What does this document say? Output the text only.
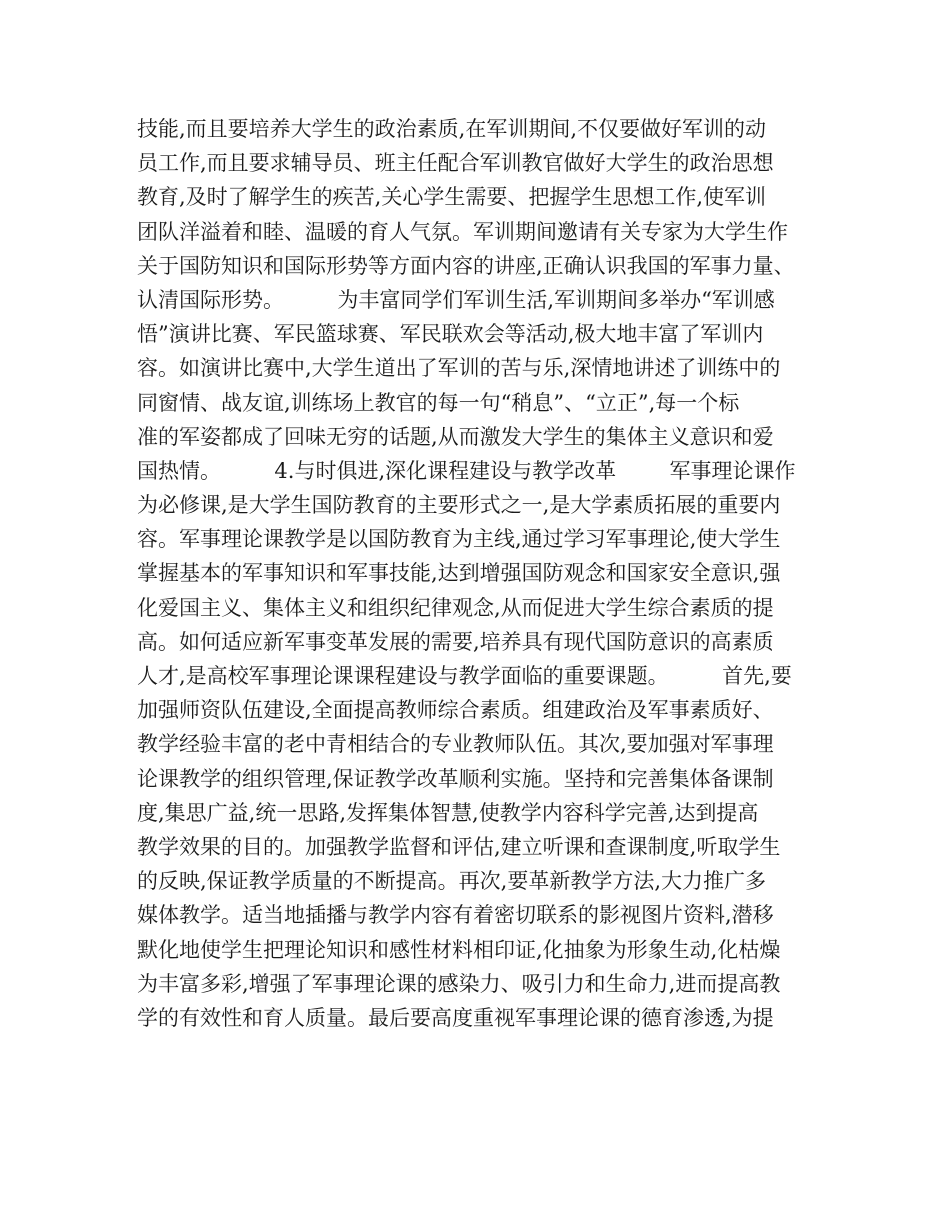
技能,而且要培养大学生的政治素质,在军训期间,不仅要做好军训的动
员工作,而且要求辅导员、班主任配合军训教官做好大学生的政治思想
教育,及时了解学生的疾苦,关心学生需要、把握学生思想工作,使军训
团队洋溢着和睦、温暖的育人气氛。军训期间邀请有关专家为大学生作
关于国防知识和国际形势等方面内容的讲座,正确认识我国的军事力量、
认清国际形势。        为丰富同学们军训生活,军训期间多举办“军训感
悟”演讲比赛、军民篮球赛、军民联欢会等活动,极大地丰富了军训内
容。如演讲比赛中,大学生道出了军训的苦与乐,深情地讲述了训练中的
同窗情、战友谊,训练场上教官的每一句“稍息”、“立正”,每一个标
准的军姿都成了回味无穷的话题,从而激发大学生的集体主义意识和爱
国热情。        4.与时俱进,深化课程建设与教学改革        军事理论课作
为必修课,是大学生国防教育的主要形式之一,是大学素质拓展的重要内
容。军事理论课教学是以国防教育为主线,通过学习军事理论,使大学生
掌握基本的军事知识和军事技能,达到增强国防观念和国家安全意识,强
化爱国主义、集体主义和组织纪律观念,从而促进大学生综合素质的提
高。如何适应新军事变革发展的需要,培养具有现代国防意识的高素质
人才,是高校军事理论课课程建设与教学面临的重要课题。        首先,要
加强师资队伍建设,全面提高教师综合素质。组建政治及军事素质好、
教学经验丰富的老中青相结合的专业教师队伍。其次,要加强对军事理
论课教学的组织管理,保证教学改革顺利实施。坚持和完善集体备课制
度,集思广益,统一思路,发挥集体智慧,使教学内容科学完善,达到提高
教学效果的目的。加强教学监督和评估,建立听课和查课制度,听取学生
的反映,保证教学质量的不断提高。再次,要革新教学方法,大力推广多
媒体教学。适当地插播与教学内容有着密切联系的影视图片资料,潜移
默化地使学生把理论知识和感性材料相印证,化抽象为形象生动,化枯燥
为丰富多彩,增强了军事理论课的感染力、吸引力和生命力,进而提高教
学的有效性和育人质量。最后要高度重视军事理论课的德育渗透,为提
